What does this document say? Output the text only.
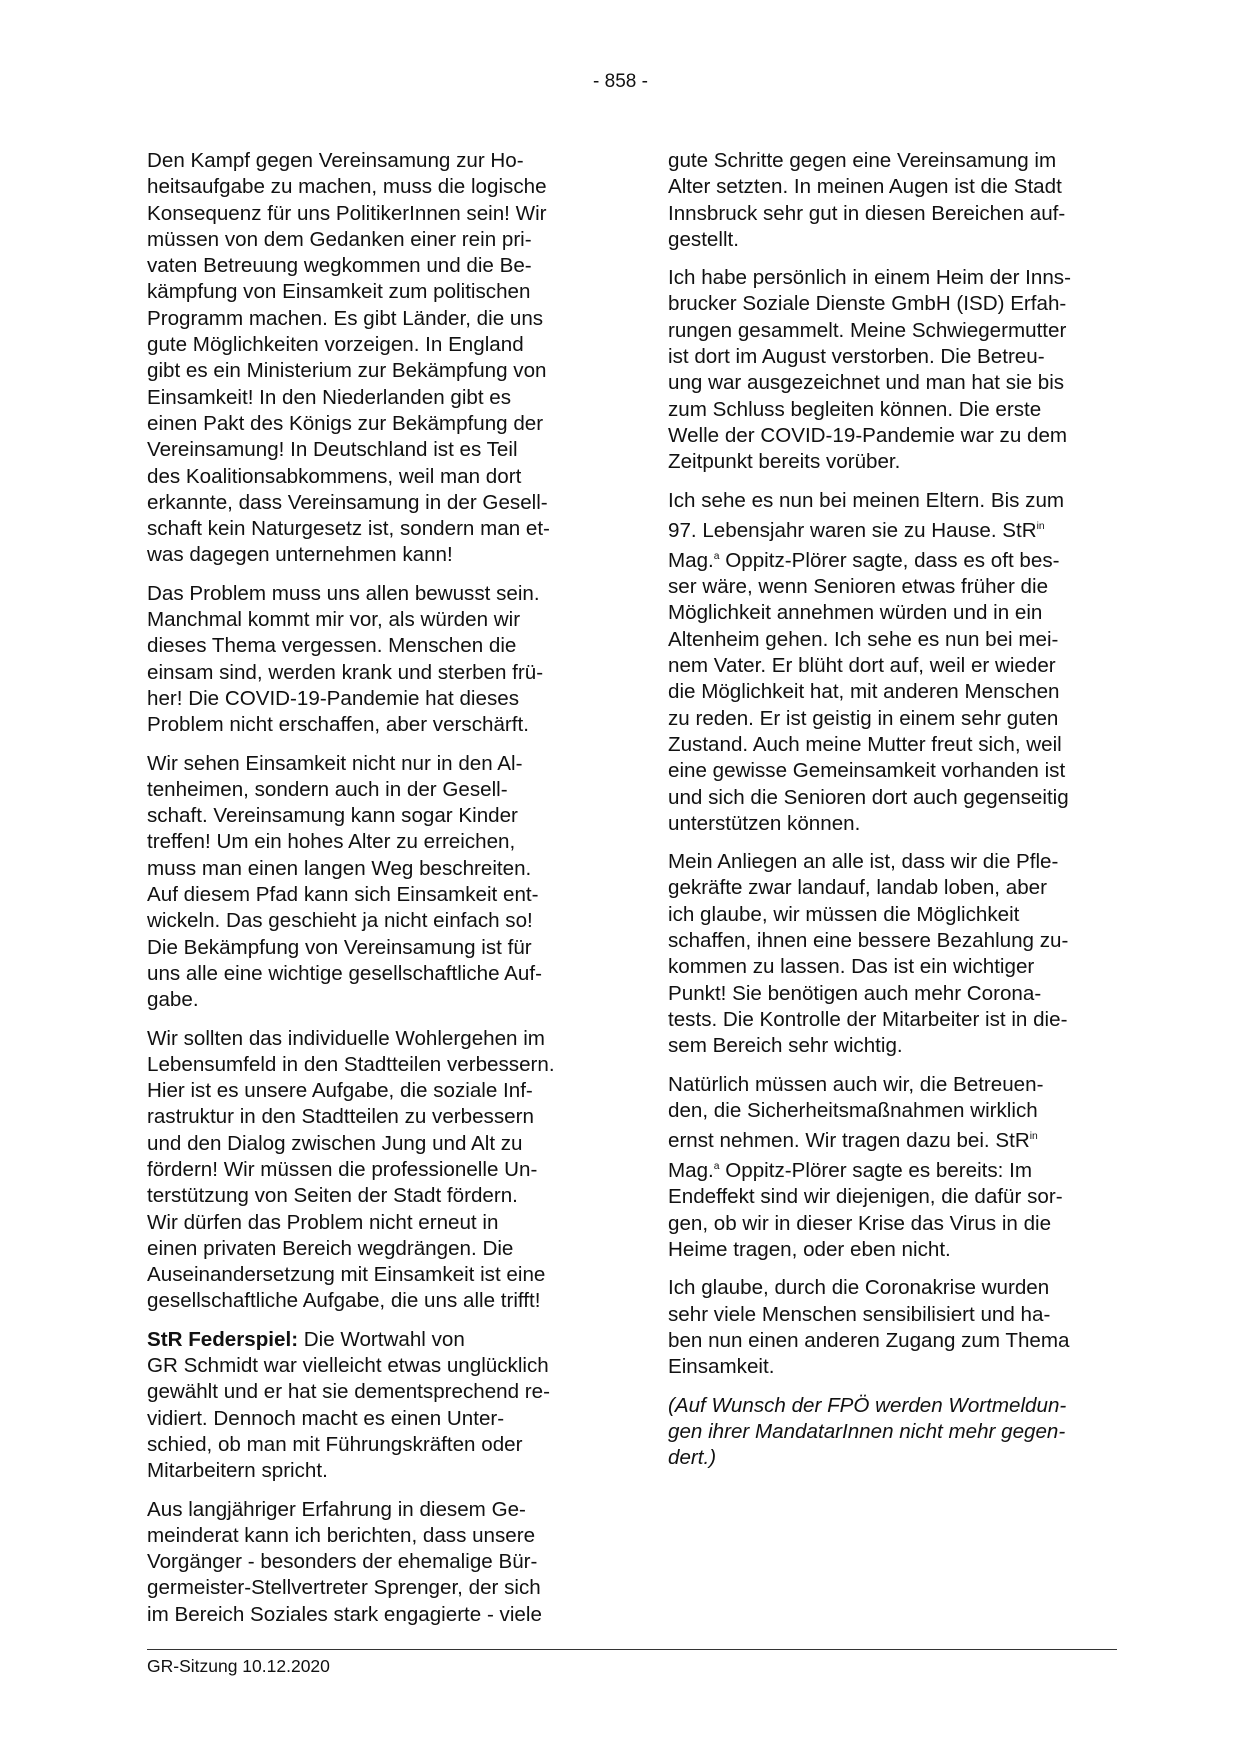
- 858 -

Den Kampf gegen Vereinsamung zur Ho-
heitsaufgabe zu machen, muss die logische
Konsequenz für uns PolitikerInnen sein! Wir
müssen von dem Gedanken einer rein pri-
vaten Betreuung wegkommen und die Be-
kämpfung von Einsamkeit zum politischen
Programm machen. Es gibt Länder, die uns
gute Möglichkeiten vorzeigen. In England
gibt es ein Ministerium zur Bekämpfung von
Einsamkeit! In den Niederlanden gibt es
einen Pakt des Königs zur Bekämpfung der
Vereinsamung! In Deutschland ist es Teil
des Koalitionsabkommens, weil man dort
erkannte, dass Vereinsamung in der Gesell-
schaft kein Naturgesetz ist, sondern man et-
was dagegen unternehmen kann!

Das Problem muss uns allen bewusst sein.
Manchmal kommt mir vor, als würden wir
dieses Thema vergessen. Menschen die
einsam sind, werden krank und sterben frü-
her! Die COVID-19-Pandemie hat dieses
Problem nicht erschaffen, aber verschärft.

Wir sehen Einsamkeit nicht nur in den Al-
tenheimen, sondern auch in der Gesell-
schaft. Vereinsamung kann sogar Kinder
treffen! Um ein hohes Alter zu erreichen,
muss man einen langen Weg beschreiten.
Auf diesem Pfad kann sich Einsamkeit ent-
wickeln. Das geschieht ja nicht einfach so!
Die Bekämpfung von Vereinsamung ist für
uns alle eine wichtige gesellschaftliche Auf-
gabe.

Wir sollten das individuelle Wohlergehen im
Lebensumfeld in den Stadtteilen verbessern.
Hier ist es unsere Aufgabe, die soziale Inf-
rastruktur in den Stadtteilen zu verbessern
und den Dialog zwischen Jung und Alt zu
fördern! Wir müssen die professionelle Un-
terstützung von Seiten der Stadt fördern.
Wir dürfen das Problem nicht erneut in
einen privaten Bereich wegdrängen. Die
Auseinandersetzung mit Einsamkeit ist eine
gesellschaftliche Aufgabe, die uns alle trifft!

StR Federspiel: Die Wortwahl von
GR Schmidt war vielleicht etwas unglücklich
gewählt und er hat sie dementsprechend re-
vidiert. Dennoch macht es einen Unter-
schied, ob man mit Führungskräften oder
Mitarbeitern spricht.

Aus langjähriger Erfahrung in diesem Ge-
meinderat kann ich berichten, dass unsere
Vorgänger - besonders der ehemalige Bür-
germeister-Stellvertreter Sprenger, der sich
im Bereich Soziales stark engagierte - viele

gute Schritte gegen eine Vereinsamung im
Alter setzten. In meinen Augen ist die Stadt
Innsbruck sehr gut in diesen Bereichen auf-
gestellt.

Ich habe persönlich in einem Heim der Inns-
brucker Soziale Dienste GmbH (ISD) Erfah-
rungen gesammelt. Meine Schwiegermutter
ist dort im August verstorben. Die Betreu-
ung war ausgezeichnet und man hat sie bis
zum Schluss begleiten können. Die erste
Welle der COVID-19-Pandemie war zu dem
Zeitpunkt bereits vorüber.

Ich sehe es nun bei meinen Eltern. Bis zum
97. Lebensjahr waren sie zu Hause. StR$^{in}$
Mag.$^a$ Oppitz-Plörer sagte, dass es oft bes-
ser wäre, wenn Senioren etwas früher die
Möglichkeit annehmen würden und in ein
Altenheim gehen. Ich sehe es nun bei mei-
nem Vater. Er blüht dort auf, weil er wieder
die Möglichkeit hat, mit anderen Menschen
zu reden. Er ist geistig in einem sehr guten
Zustand. Auch meine Mutter freut sich, weil
eine gewisse Gemeinsamkeit vorhanden ist
und sich die Senioren dort auch gegenseitig
unterstützen können.

Mein Anliegen an alle ist, dass wir die Pfle-
gekräfte zwar landauf, landab loben, aber
ich glaube, wir müssen die Möglichkeit
schaffen, ihnen eine bessere Bezahlung zu-
kommen zu lassen. Das ist ein wichtiger
Punkt! Sie benötigen auch mehr Corona-
tests. Die Kontrolle der Mitarbeiter ist in die-
sem Bereich sehr wichtig.

Natürlich müssen auch wir, die Betreuen-
den, die Sicherheitsmaßnahmen wirklich
ernst nehmen. Wir tragen dazu bei. StR$^{in}$
Mag.$^a$ Oppitz-Plörer sagte es bereits: Im
Endeffekt sind wir diejenigen, die dafür sor-
gen, ob wir in dieser Krise das Virus in die
Heime tragen, oder eben nicht.

Ich glaube, durch die Coronakrise wurden
sehr viele Menschen sensibilisiert und ha-
ben nun einen anderen Zugang zum Thema
Einsamkeit.

(Auf Wunsch der FPÖ werden Wortmeldun-
gen ihrer MandatarInnen nicht mehr gegen-
dert.)

GR-Sitzung 10.12.2020
